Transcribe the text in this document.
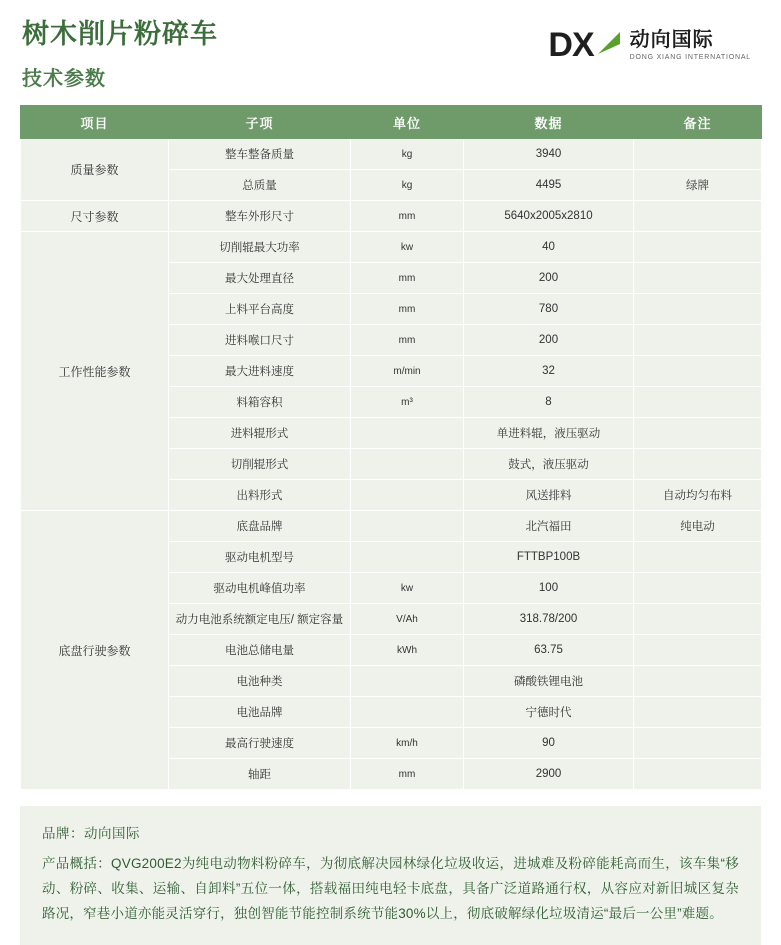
树木削片粉碎车
技术参数
DX 动向国际
DONG XIANG INTERNATIONAL
项目	子项	单位	数据	备注
质量参数	整车整备质量	kg	3940	
	总质量	kg	4495	绿牌
尺寸参数	整车外形尺寸	mm	5640x2005x2810	
工作性能参数	切削辊最大功率	kw	40	
	最大处理直径	mm	200	
	上料平台高度	mm	780	
	进料喉口尺寸	mm	200	
	最大进料速度	m/min	32	
	料箱容积	m³	8	
	进料辊形式		单进料辊，液压驱动	
	切削辊形式		鼓式，液压驱动	
	出料形式		风送排料	自动均匀布料
底盘行驶参数	底盘品牌		北汽福田	纯电动
	驱动电机型号		FTTBP100B	
	驱动电机峰值功率	kw	100	
	动力电池系统额定电压/ 额定容量	V/Ah	318.78/200	
	电池总储电量	kWh	63.75	
	电池种类		磷酸铁锂电池	
	电池品牌		宁德时代	
	最高行驶速度	km/h	90	
	轴距	mm	2900	

品牌：动向国际

产品概括：QVG200E2为纯电动物料粉碎车，为彻底解决园林绿化垃圾收运，进城难及粉碎能耗高而生，该车集“移动、粉碎、收集、运输、自卸料”五位一体，搭载福田纯电轻卡底盘，具备广泛道路通行权，从容应对新旧城区复杂路况，窄巷小道亦能灵活穿行，独创智能节能控制系统节能30%以上，彻底破解绿化垃圾清运“最后一公里”难题。
